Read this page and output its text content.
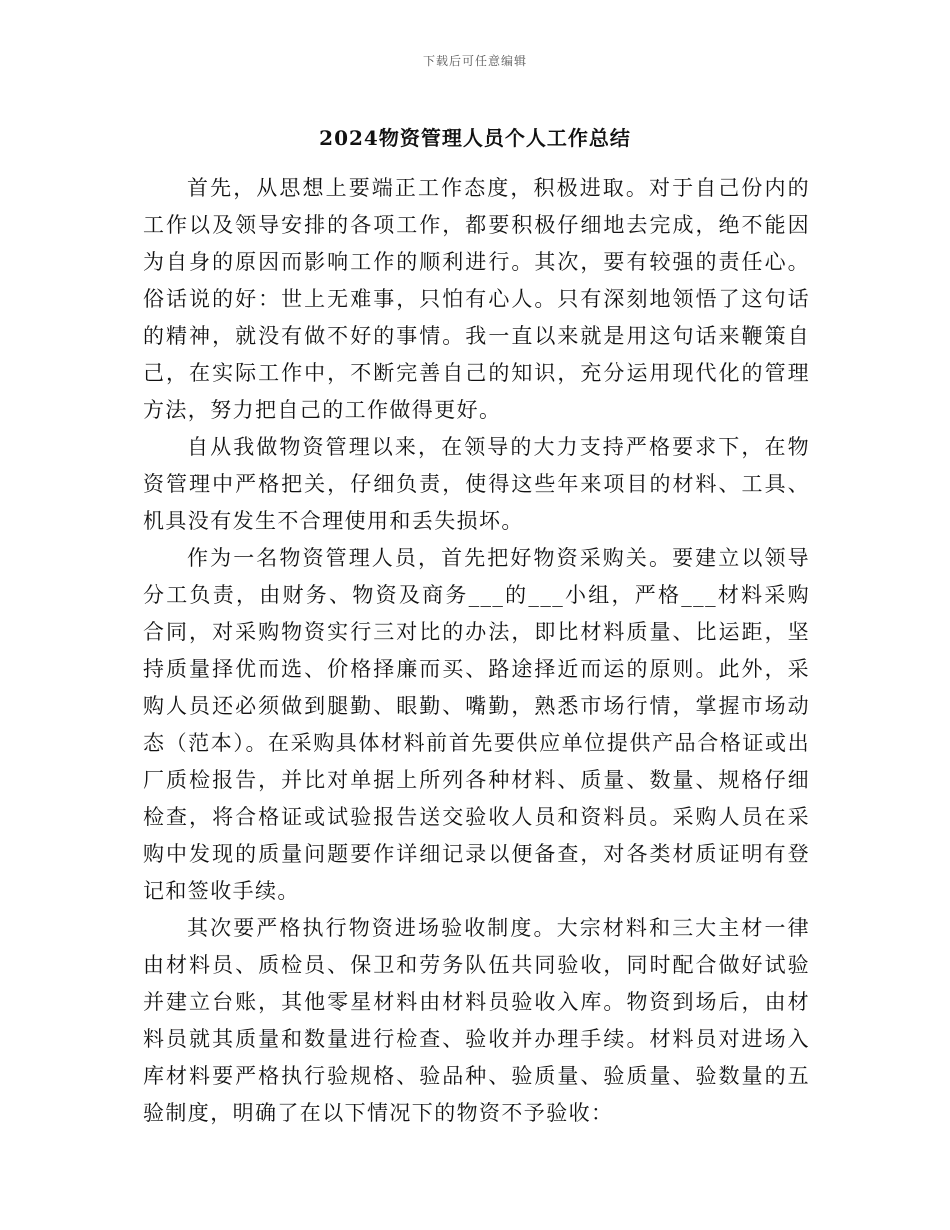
下载后可任意编辑
2024物资管理人员个人工作总结

首先，从思想上要端正工作态度，积极进取。对于自己份内的工作以及领导安排的各项工作，都要积极仔细地去完成，绝不能因为自身的原因而影响工作的顺利进行。其次，要有较强的责任心。俗话说的好：世上无难事，只怕有心人。只有深刻地领悟了这句话的精神，就没有做不好的事情。我一直以来就是用这句话来鞭策自己，在实际工作中，不断完善自己的知识，充分运用现代化的管理方法，努力把自己的工作做得更好。

自从我做物资管理以来，在领导的大力支持严格要求下，在物资管理中严格把关，仔细负责，使得这些年来项目的材料、工具、机具没有发生不合理使用和丢失损坏。

作为一名物资管理人员，首先把好物资采购关。要建立以领导分工负责，由财务、物资及商务___的___小组，严格___材料采购合同，对采购物资实行三对比的办法，即比材料质量、比运距，坚持质量择优而选、价格择廉而买、路途择近而运的原则。此外，采购人员还必须做到腿勤、眼勤、嘴勤，熟悉市场行情，掌握市场动态（范本）。在采购具体材料前首先要供应单位提供产品合格证或出厂质检报告，并比对单据上所列各种材料、质量、数量、规格仔细检查，将合格证或试验报告送交验收人员和资料员。采购人员在采购中发现的质量问题要作详细记录以便备查，对各类材质证明有登记和签收手续。

其次要严格执行物资进场验收制度。大宗材料和三大主材一律由材料员、质检员、保卫和劳务队伍共同验收，同时配合做好试验并建立台账，其他零星材料由材料员验收入库。物资到场后，由材料员就其质量和数量进行检查、验收并办理手续。材料员对进场入库材料要严格执行验规格、验品种、验质量、验质量、验数量的五验制度，明确了在以下情况下的物资不予验收：
